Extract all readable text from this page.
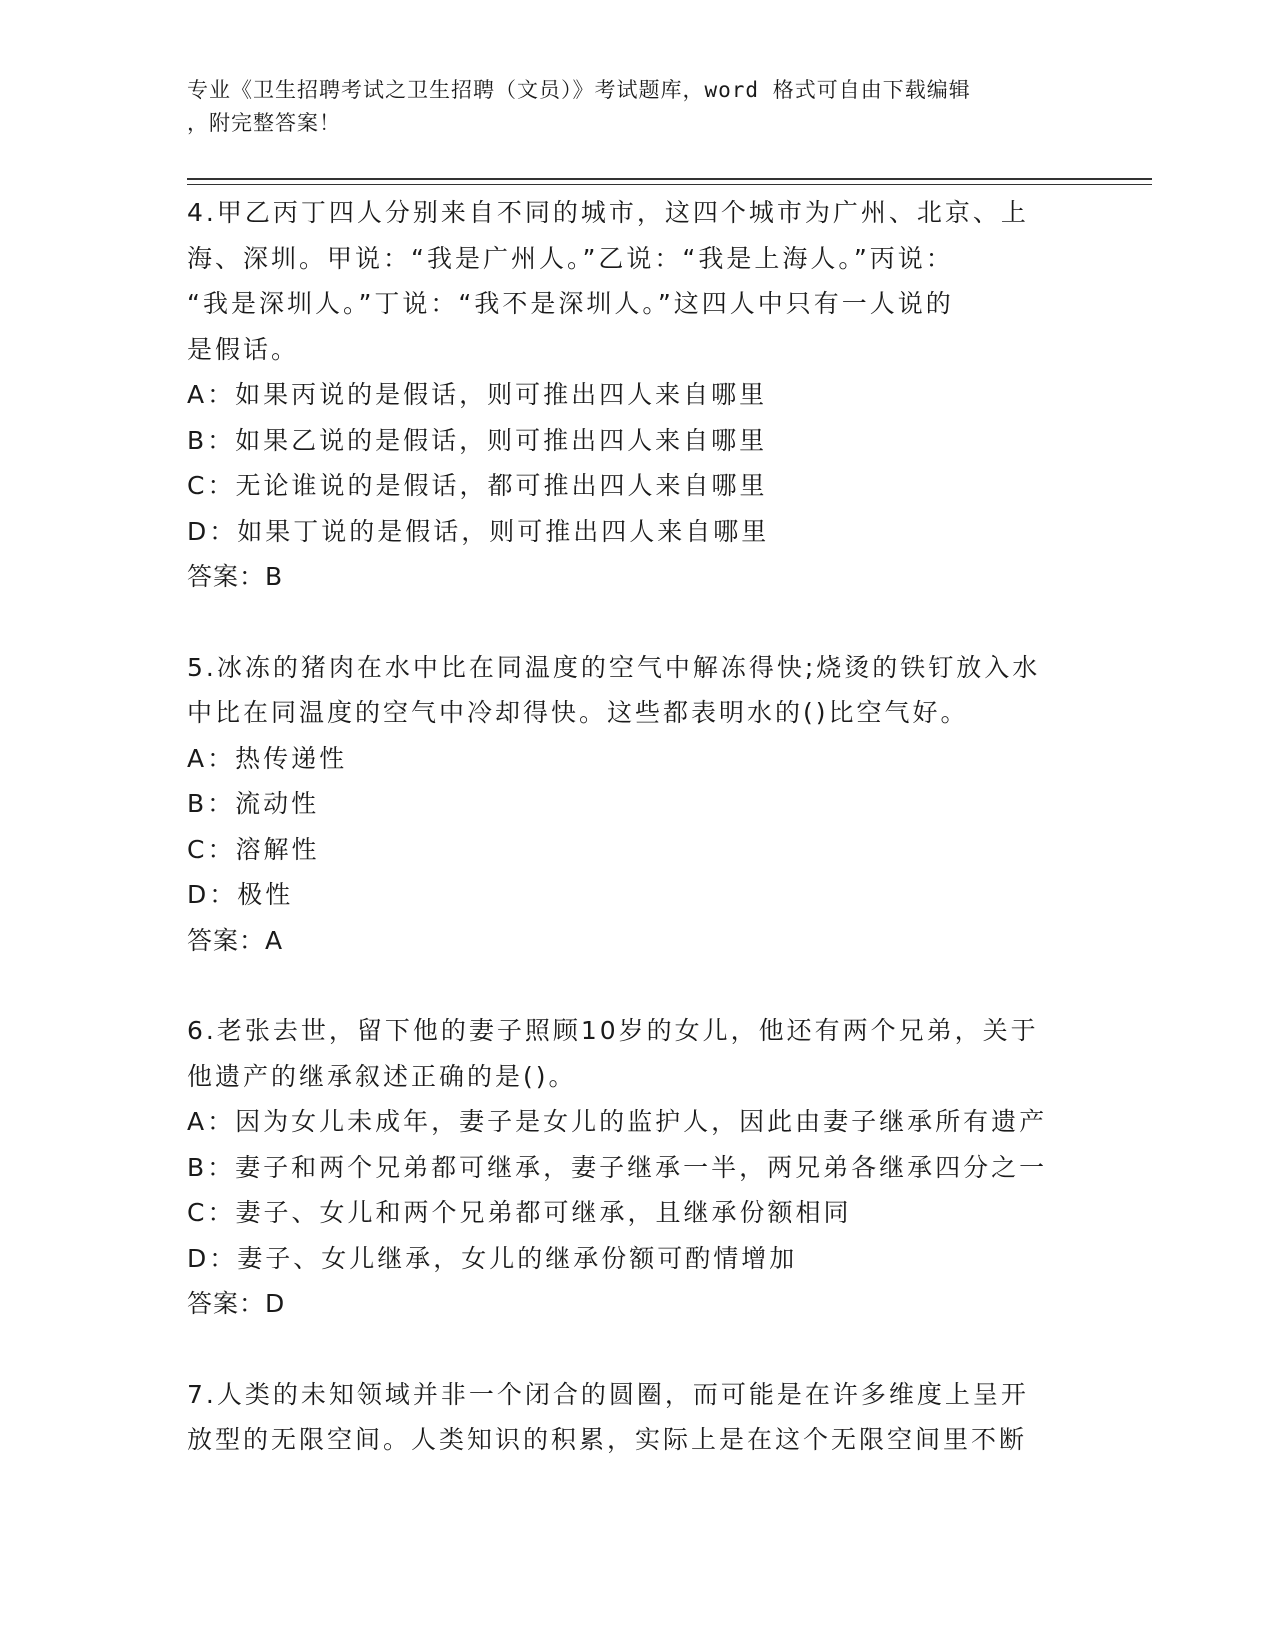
专业《卫生招聘考试之卫生招聘（文员）》考试题库，word 格式可自由下载编辑
，附完整答案！
4.甲乙丙丁四人分别来自不同的城市，这四个城市为广州、北京、上
海、深圳。甲说：“我是广州人。”乙说：“我是上海人。”丙说：
“我是深圳人。”丁说：“我不是深圳人。”这四人中只有一人说的
是假话。
A：如果丙说的是假话，则可推出四人来自哪里
B：如果乙说的是假话，则可推出四人来自哪里
C：无论谁说的是假话，都可推出四人来自哪里
D：如果丁说的是假话，则可推出四人来自哪里
答案：B
5.冰冻的猪肉在水中比在同温度的空气中解冻得快;烧烫的铁钉放入水
中比在同温度的空气中冷却得快。这些都表明水的()比空气好。
A：热传递性
B：流动性
C：溶解性
D：极性
答案：A
6.老张去世，留下他的妻子照顾10岁的女儿，他还有两个兄弟，关于
他遗产的继承叙述正确的是()。
A：因为女儿未成年，妻子是女儿的监护人，因此由妻子继承所有遗产
B：妻子和两个兄弟都可继承，妻子继承一半，两兄弟各继承四分之一
C：妻子、女儿和两个兄弟都可继承，且继承份额相同
D：妻子、女儿继承，女儿的继承份额可酌情增加
答案：D
7.人类的未知领域并非一个闭合的圆圈，而可能是在许多维度上呈开
放型的无限空间。人类知识的积累，实际上是在这个无限空间里不断
